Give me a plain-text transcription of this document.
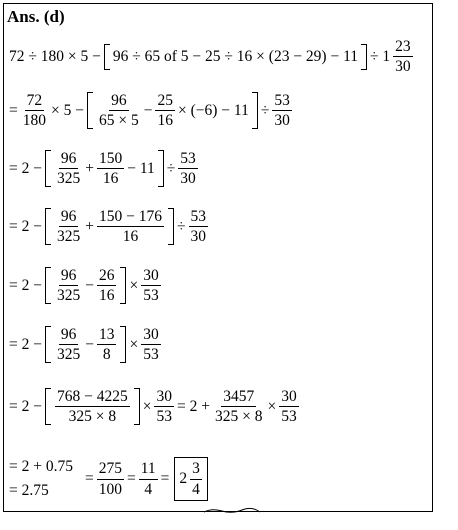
Ans. (d)
72 ÷ 180 × 5 − 96 ÷ 65 of $5 - 25 \div 16 \times (23 - 29) - 11 \div 1 \frac{23}{30}$
= $\frac{72}{180} \times 5 - \frac{96}{65 \times 5} - \frac{25}{16} \times (-6) - 11 \div \frac{53}{30}$
= $2 - \frac{96}{325} + \frac{150}{16} - 11 \div \frac{53}{30}$
= $2 - \frac{96}{325} + \frac{150 - 176}{16} \div \frac{53}{30}$
= $2 - \frac{96}{325} - \frac{26}{16} \times \frac{30}{53}$
= $2 - \frac{96}{325} - \frac{13}{8} \times \frac{30}{53}$
= $2 - \frac{768 - 4225}{325 \times 8} \times \frac{30}{53} = 2 + \frac{3457}{325 \times 8} \times \frac{30}{53}$
= 2 + 0.75
= 2.75
= $\frac{275}{100} = \frac{11}{4} = 2 \frac{3}{4}$
